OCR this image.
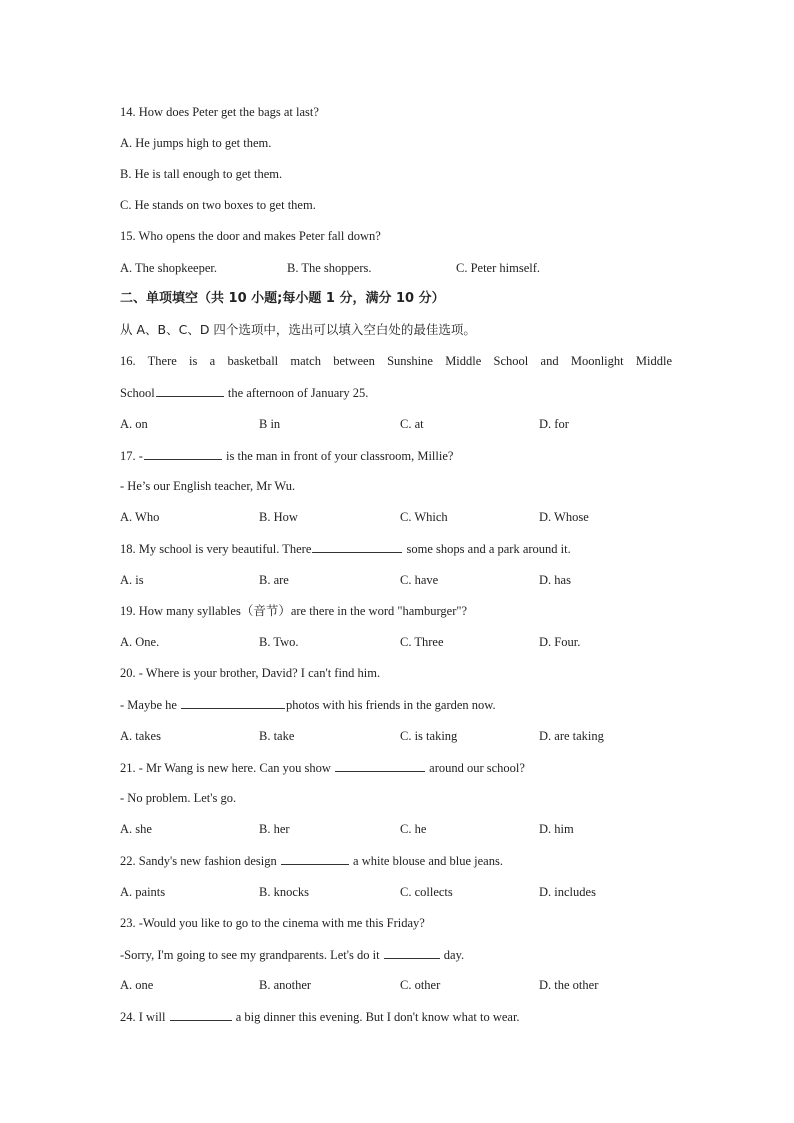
14. How does Peter get the bags at last?
A. He jumps high to get them.
B. He is tall enough to get them.
C. He stands on two boxes to get them.
15. Who opens the door and makes Peter fall down?
A. The shopkeeper.	B. The shoppers.	C. Peter himself.
二、单项填空（共 10 小题;每小题 1 分，满分 10 分）
从 A、B、C、D 四个选项中，选出可以填入空白处的最佳选项。
16. There is a basketball match between Sunshine Middle School and Moonlight Middle
School	the afternoon of January 25.
A. on	B in	C. at	D. for
17. -	is the man in front of your classroom, Millie?
- He’s our English teacher, Mr Wu.
A. Who	B. How	C. Which	D. Whose
18. My school is very beautiful. There	some shops and a park around it.
A. is	B. are	C. have	D. has
19. How many syllables（音节）are there in the word "hamburger"?
A. One.	B. Two.	C. Three	D. Four.
20. - Where is your brother, David? I can't find him.
- Maybe he	photos with his friends in the garden now.
A. takes	B. take	C. is taking	D. are taking
21. - Mr Wang is new here. Can you show	around our school?
- No problem. Let's go.
A. she	B. her	C. he	D. him
22. Sandy's new fashion design	a white blouse and blue jeans.
A. paints	B. knocks	C. collects	D. includes
23. -Would you like to go to the cinema with me this Friday?
-Sorry, I'm going to see my grandparents. Let's do it	day.
A. one	B. another	C. other	D. the other
24. I will	a big dinner this evening. But I don't know what to wear.
